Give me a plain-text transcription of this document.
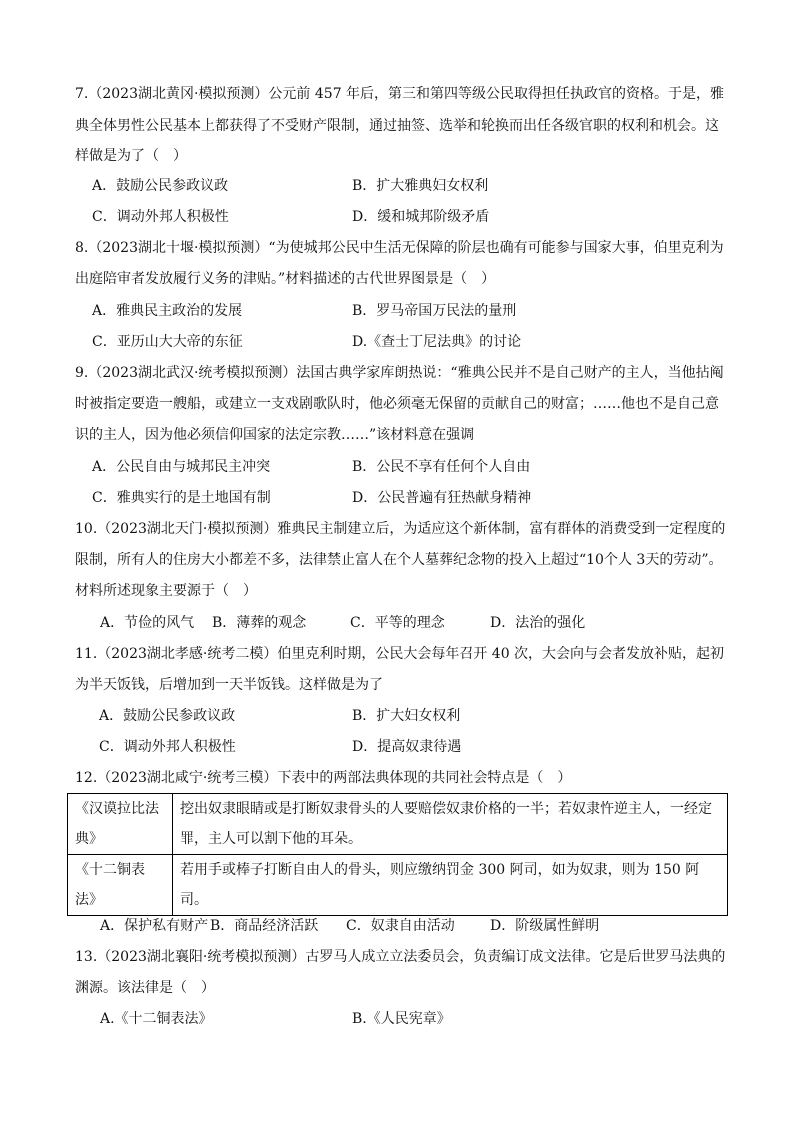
7.（2023湖北黄冈·模拟预测）公元前 457 年后，第三和第四等级公民取得担任执政官的资格。于是，雅
典全体男性公民基本上都获得了不受财产限制，通过抽签、选举和轮换而出任各级官职的权利和机会。这
样做是为了（　）
A．鼓励公民参政议政	B．扩大雅典妇女权利
C．调动外邦人积极性	D．缓和城邦阶级矛盾
8.（2023湖北十堰·模拟预测）“为使城邦公民中生活无保障的阶层也确有可能参与国家大事，伯里克利为
出庭陪审者发放履行义务的津贴。”材料描述的古代世界图景是（　）
A．雅典民主政治的发展	B．罗马帝国万民法的量刑
C．亚历山大大帝的东征	D.《查士丁尼法典》的讨论
9.（2023湖北武汉·统考模拟预测）法国古典学家库朗热说：“雅典公民并不是自己财产的主人，当他拈阄
时被指定要造一艘船，或建立一支戏剧歌队时，他必须毫无保留的贡献自己的财富；……他也不是自己意
识的主人，因为他必须信仰国家的法定宗教……”该材料意在强调
A．公民自由与城邦民主冲突	B．公民不享有任何个人自由
C．雅典实行的是土地国有制	D．公民普遍有狂热献身精神
10.（2023湖北天门·模拟预测）雅典民主制建立后，为适应这个新体制，富有群体的消费受到一定程度的
限制，所有人的住房大小都差不多，法律禁止富人在个人墓葬纪念物的投入上超过“10个人 3天的劳动”。
材料所述现象主要源于（　）
A．节俭的风气 B．薄葬的观念	C．平等的理念	D．法治的强化
11.（2023湖北孝感·统考二模）伯里克利时期，公民大会每年召开 40 次，大会向与会者发放补贴，起初
为半天饭钱，后增加到一天半饭钱。这样做是为了
A．鼓励公民参政议政	B．扩大妇女权利
C．调动外邦人积极性	D．提高奴隶待遇
12.（2023湖北咸宁·统考三模）下表中的两部法典体现的共同社会特点是（　）
《汉谟拉比法典》	挖出奴隶眼睛或是打断奴隶骨头的人要赔偿奴隶价格的一半；若奴隶忤逆主人，一经定罪，主人可以割下他的耳朵。
《十二铜表法》	若用手或棒子打断自由人的骨头，则应缴纳罚金 300 阿司，如为奴隶，则为 150 阿司。
A．保护私有财产 B．商品经济活跃 C．奴隶自由活动	D．阶级属性鲜明
13.（2023湖北襄阳·统考模拟预测）古罗马人成立立法委员会，负责编订成文法律。它是后世罗马法典的
渊源。该法律是（　）
A.《十二铜表法》	B.《人民宪章》
